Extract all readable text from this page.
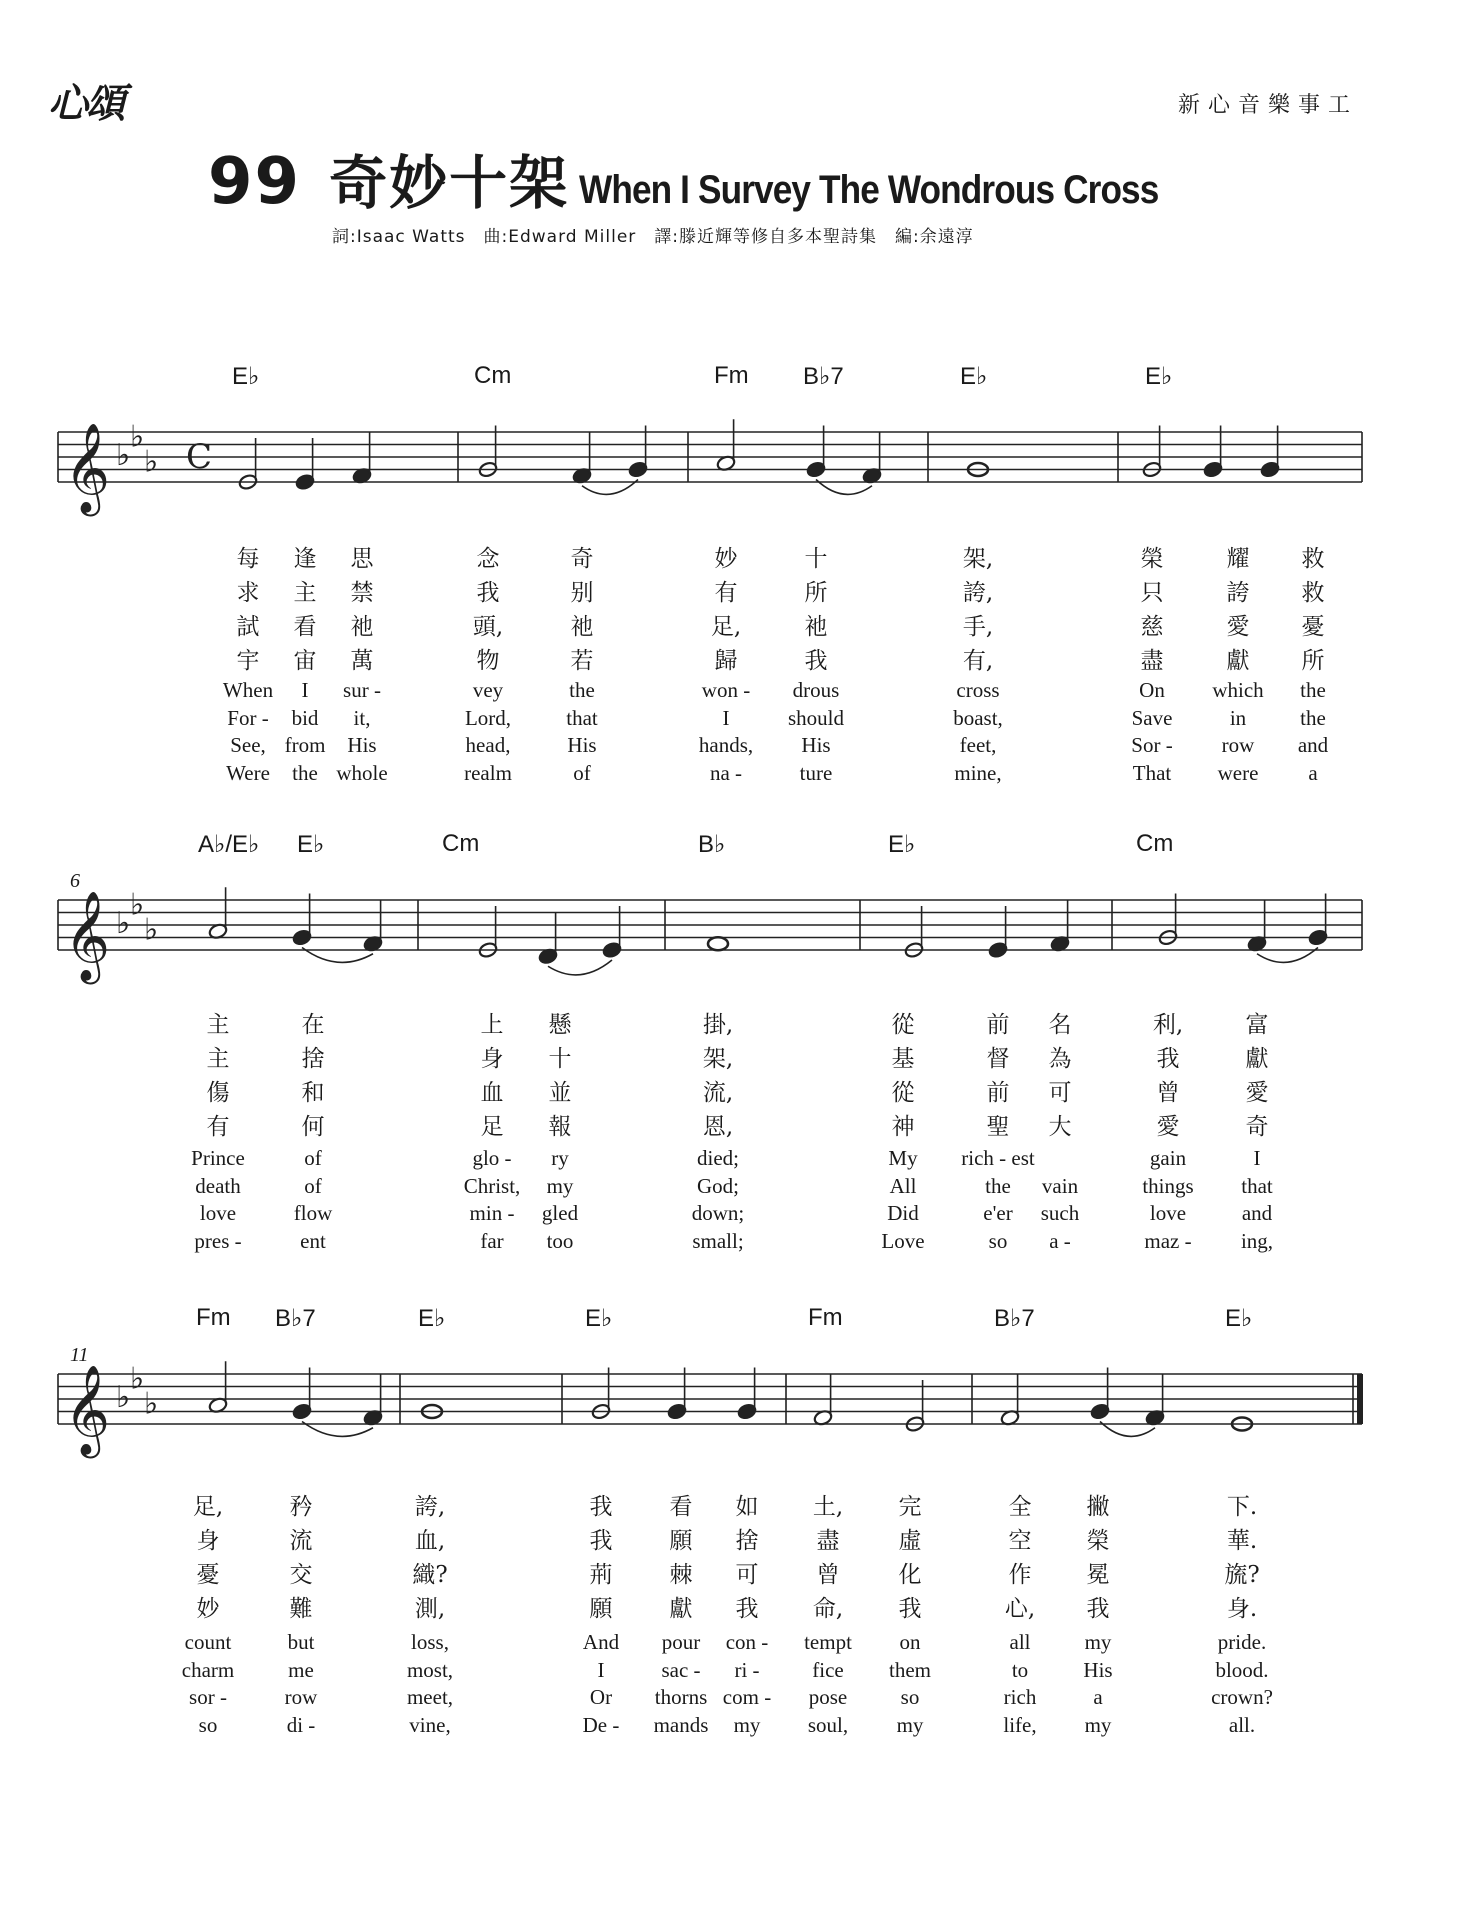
心頌	新心音樂事工
99 奇妙十架 When I Survey The Wondrous Cross
詞:Isaac Watts　曲:Edward Miller　譯:滕近輝等修自多本聖詩集　編:余遠淳
𝄞 ♭
♭
♭ C
𝄞 ♭
♭
♭
𝄞 ♭
♭
♭
E♭	Cm	Fm B♭7	E♭	E♭
每 逢 思	念	奇	妙	十	架,	榮	耀 救
求 主 禁	我	别	有	所	誇,	只	誇 救
試 看 祂	頭,	祂	足,	祂	手,	慈	愛 憂
宇 宙 萬	物	若	歸	我	有,	盡	獻 所
When I sur -	vey	the	won - drous	cross	On which the
For - bid it,	Lord,	that	I	should	boast,	Save	in	the
See, from His	head,	His	hands, His	feet,	Sor - row and
Were the whole	realm	of	na -	ture	mine,	That were a
A♭/E♭ E♭	Cm	B♭	E♭	Cm
6
主	在	上 懸	掛,	從	前 名	利,	富
主	捨	身 十	架,	基	督 為	我	獻
傷	和	血 並	流,	從	前 可	曾	愛
有	何	足 報	恩,	神	聖 大	愛	奇
Prince	of	glo - ry	died;	My rich - est	gain	I
death	of	Christ, my	God;	All	the vain	things that
love	flow	min - gled	down;	Did	e'er such	love	and
pres -	ent	far too	small;	Love	so a -	maz - ing,
Fm B♭7	E♭	E♭	Fm	B♭7	E♭
11
足,	矜	誇,	我 看 如 土, 完	全 撇	下.
身	流	血,	我 願 捨	盡	虛	空 榮	華.
憂	交	織?	荊 棘 可	曾	化	作 冕	旒?
妙	難	測,	願 獻 我 命, 我	心, 我	身.
count	but	loss,	And pour con - tempt on	all	my	pride.
charm	me	most,	I	sac - ri -	fice them	to	His	blood.
sor -	row	meet,	Or thorns com - pose	so	rich	a	crown?
so	di -	vine,	De - mands my soul, my	life, my	all.
